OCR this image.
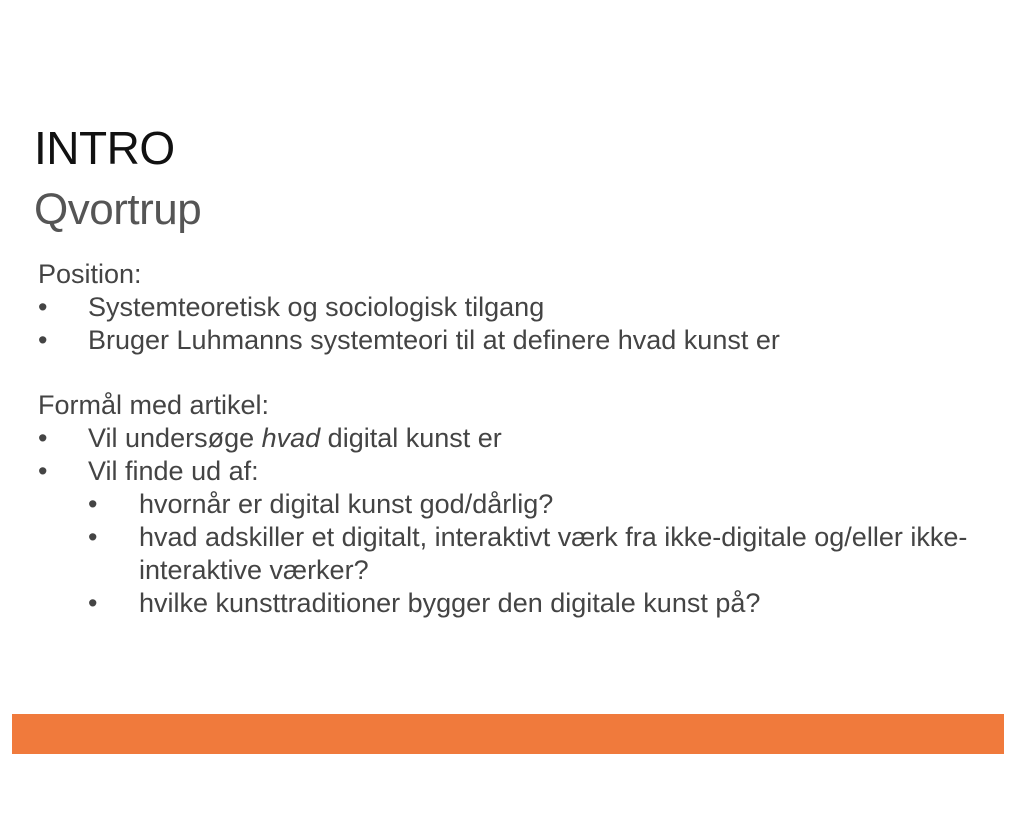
INTRO
Qvortrup
Position:
• Systemteoretisk og sociologisk tilgang
• Bruger Luhmanns systemteori til at definere hvad kunst er
Formål med artikel:
• Vil undersøge hvad digital kunst er
• Vil finde ud af:
• hvornår er digital kunst god/dårlig?
• hvad adskiller et digitalt, interaktivt værk fra ikke-digitale og/eller ikke-interaktive værker?
• hvilke kunsttraditioner bygger den digitale kunst på?

Digital æstetik i teori og praksis  ::  OPLEVELSESDESIGN ::  18.03.10  ::  Anne Sophie Witzke
